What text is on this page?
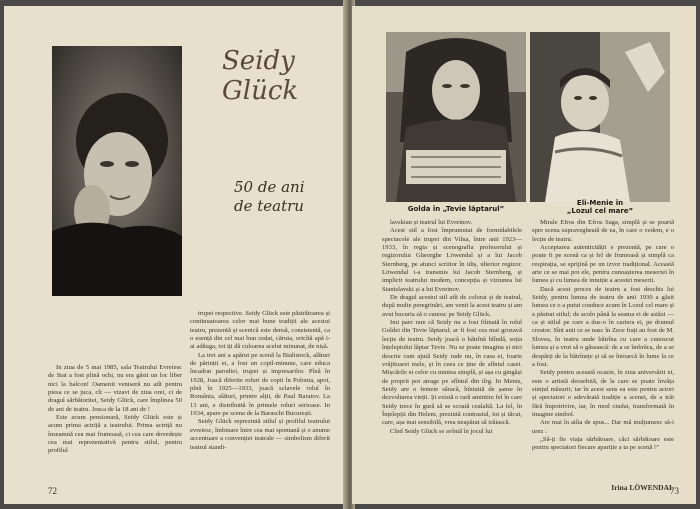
Seidy
Glück
50 de ani
de teatru

In ziua de 5 mai 1985, sala Teatrului Evreiesc de Stat a fost plină ochi, nu era găsit un loc liber nici la balcon! Oamenii veniseră nu atît pentru piesa ce se juca, cît — vizavi de ziua orei, ci de dragul sărbătoritei, Seidy Glück, care împlinea 50 de ani de teatru. Josca de la 18 ani de !

Este acum pensionară, Seidy Glück este și acum prima actriță a teatrului. Prima actriță nu înseamnă cea mai frumoasă, ci cea care dovedește cea mai reprezentativă pentru stilul, pentru profilul

trupei respective. Seidy Glück este păstrătoarea și continuatoarea celor mai bune tradiții ale acestui teatru, prezentă și scenică este densă, consistentă, ca o esență din cel mai bun cedat, căruia, oricîtă apă i-ai adăuga, tot iți dă culoarea acelui minunat, de nișă.

La trei ani a apărut pe scenă la Bialistock, alături de părinții ei, a fost un copil-minune, care educa încadrat parodiei, trupei și impresarilor. Pînă în 1928, Joacă diferite roluri de copii în Polonia, apoi, pînă în 1925—1933, joacă sclavele rolul în România, alături, printre alții, de Paul Baratov. La 13 ani, e distribuită în primele roluri serioase. In 1934, apare pe scena de la Baraschi București.

Seidy Glück reprezintă stilul și profilul teatrului evreiesc, îmbinare între cea mai spontană și o anume accentuare a convenției teatrale — simbolism diferit teatrul standi-

72
Golda în „Tevie lăptarul”
Eli-Menie în
„Lozul cel mare”

lavskian și teatrul lui Evreinov.

Acest stil a fost împrumutat de formidabilele spectacole ale trupei din Vilna, între anii 1923—1933, în regia și scenografia profesorului și regizorului Gheorghe Löwendal și a lui Jacob Sternberg, pe atunci scriitor în idiș, ulterior regizor. Löwendal i-a transmis lui Jacob Sternberg, și implicit teatrului modern, concepția și viziunea lui Stanislavski și a lui Evreinov.

De dragul acestui stil atît de colorat și de teatral, după multe peregrinări, am venit la acest teatru și am avut bucuria să o cunosc pe Seidy Glück.

Imi pare rare că Seidy nu a fost filmată în rolul Goldei din Tevie lăptarul; ar fi fost cea mai grozavă lecție de teatru. Seidy joacă o bătrînă blîndă, soția înțeleptului lăptar Tevie. Nu se poate imagina și nici descrie cum ajută Seidy rude nu, în casa ei, foarte vrăjitoarei mele, și în ceea ce ține de sfîntul casei. Mișcările ei celor cu mintea simplă, și așa cu gingăși de proprii pot atrage pe sfîntul din tîrg. In Menis, Seidy are o femeie săracă, bîntuită de șanse în dezvoltarea vieții. Și există o rară amintire fel în care Seidy trece în gură să se scoată cealaltă. La fel, în Înțelepții din Helem, prezintă contrastul, tot și tăcut, care, așa mai sensibilă, vrea neapărat să trăiască.

Cînd Seidy Glück se avîntă în jocul lui

Mirale Efros din Efros Saga, simplă și se poartă spre scena supravegheată de ea, în care o vedem, e o lecție de teatru.

Acceptarea autenticității e prezentă, pe care o poate fi pe scenă ca și fel de frumoasă și simplă ca respirația, se sprijină pe un izvor tradițional. Această arte ce se mai pot ele, pentru cunoașterea meseriei în lumea și cu lumea de intuiție a acestei meserii.

Dacă acest proces de teatru a fost deschis lui Seidy, pentru lumea de teatru de anii 1930 a găsit lumea ce o a putut conduce acum în Lozul cel mare și a păstrat stilul; de acolo până la seama ei de astăzi — ca și stilul pe care a dus-o în cariera ei, pe drumul creator. Sînt anii ce se nasc în Zece frați au fost de M. Slovea, în teatru unde bătrîna cu care a cunoscut lumea și a vrut să o găsească: de a se îmbrăca, de a se despărți de la bătrînețe și să se întoarcă în lume la ce a fost.

Seidy pentru această ocazie, în ziua aniversării ei, este o artistă deosebită, de la care se poate învăța simțul măsurii; iar în acest sens ea este pentru actori și spectatori o adevărată tradiție a scenei, de a trăi fără împotrivire, iar, în mod ciudat, transformată în imagine simbol.

Are mai în atîta de spus... Dar mă mulțumesc să-i urez :

„Să-ți fie viața sărbătoare, căci sărbătoare este pentru spectatori fiecare apariție a ta pe scenă !”

Irina LÖWENDAL
73
